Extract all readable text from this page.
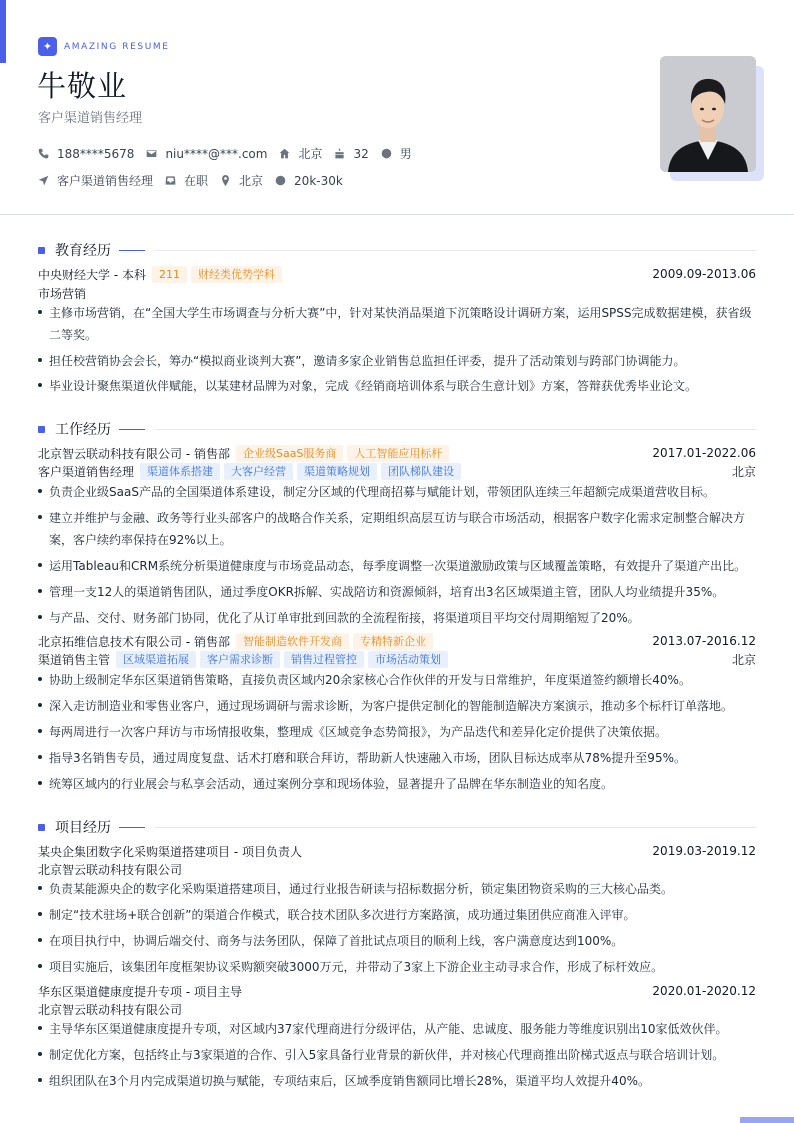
✦	AMAZING RESUME
牛敬业
客户渠道销售经理
188****5678	niu****@***.com	北京	32	男
客户渠道销售经理	在职	北京	20k-30k
教育经历
中央财经大学 - 本科	211	财经类优势学科	2009.09-2013.06
市场营销
主修市场营销，在“全国大学生市场调查与分析大赛”中，针对某快消品渠道下沉策略设计调研方案，运用SPSS完成数据建模，获省级
二等奖。
担任校营销协会会长，筹办“模拟商业谈判大赛”，邀请多家企业销售总监担任评委，提升了活动策划与跨部门协调能力。
毕业设计聚焦渠道伙伴赋能，以某建材品牌为对象，完成《经销商培训体系与联合生意计划》方案，答辩获优秀毕业论文。
工作经历
北京智云联动科技有限公司 - 销售部	企业级SaaS服务商	人工智能应用标杆	2017.01-2022.06
客户渠道销售经理	渠道体系搭建	大客户经营	渠道策略规划	团队梯队建设	北京
负责企业级SaaS产品的全国渠道体系建设，制定分区域的代理商招募与赋能计划，带领团队连续三年超额完成渠道营收目标。
建立并维护与金融、政务等行业头部客户的战略合作关系，定期组织高层互访与联合市场活动，根据客户数字化需求定制整合解决方
案，客户续约率保持在92%以上。
运用Tableau和CRM系统分析渠道健康度与市场竞品动态，每季度调整一次渠道激励政策与区域覆盖策略，有效提升了渠道产出比。
管理一支12人的渠道销售团队，通过季度OKR拆解、实战陪访和资源倾斜，培育出3名区域渠道主管，团队人均业绩提升35%。
与产品、交付、财务部门协同，优化了从订单审批到回款的全流程衔接，将渠道项目平均交付周期缩短了20%。
北京拓维信息技术有限公司 - 销售部	智能制造软件开发商	专精特新企业	2013.07-2016.12
渠道销售主管	区域渠道拓展	客户需求诊断	销售过程管控	市场活动策划	北京
协助上级制定华东区渠道销售策略，直接负责区域内20余家核心合作伙伴的开发与日常维护，年度渠道签约额增长40%。
深入走访制造业和零售业客户，通过现场调研与需求诊断，为客户提供定制化的智能制造解决方案演示，推动多个标杆订单落地。
每两周进行一次客户拜访与市场情报收集，整理成《区域竞争态势简报》，为产品迭代和差异化定价提供了决策依据。
指导3名销售专员，通过周度复盘、话术打磨和联合拜访，帮助新人快速融入市场，团队目标达成率从78%提升至95%。
统筹区域内的行业展会与私享会活动，通过案例分享和现场体验，显著提升了品牌在华东制造业的知名度。
项目经历
某央企集团数字化采购渠道搭建项目 - 项目负责人	2019.03-2019.12
北京智云联动科技有限公司
负责某能源央企的数字化采购渠道搭建项目，通过行业报告研读与招标数据分析，锁定集团物资采购的三大核心品类。
制定“技术驻场+联合创新”的渠道合作模式，联合技术团队多次进行方案路演，成功通过集团供应商准入评审。
在项目执行中，协调后端交付、商务与法务团队，保障了首批试点项目的顺利上线，客户满意度达到100%。
项目实施后，该集团年度框架协议采购额突破3000万元，并带动了3家上下游企业主动寻求合作，形成了标杆效应。
华东区渠道健康度提升专项 - 项目主导	2020.01-2020.12
北京智云联动科技有限公司
主导华东区渠道健康度提升专项，对区域内37家代理商进行分级评估，从产能、忠诚度、服务能力等维度识别出10家低效伙伴。
制定优化方案，包括终止与3家渠道的合作、引入5家具备行业背景的新伙伴，并对核心代理商推出阶梯式返点与联合培训计划。
组织团队在3个月内完成渠道切换与赋能，专项结束后，区域季度销售额同比增长28%，渠道平均人效提升40%。
